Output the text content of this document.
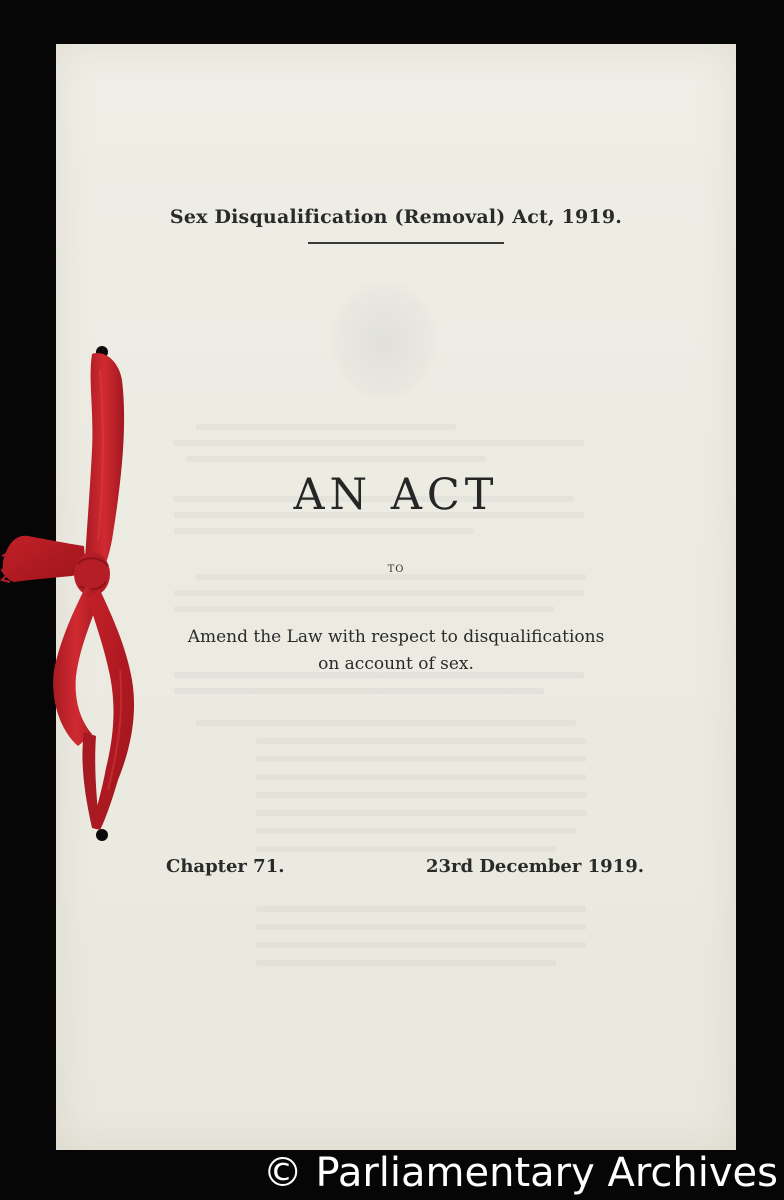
Sex Disqualification (Removal) Act, 1919.
AN ACT
TO
Amend the Law with respect to disqualifications
on account of sex.
Chapter 71.	23rd December 1919.
© Parliamentary Archives
